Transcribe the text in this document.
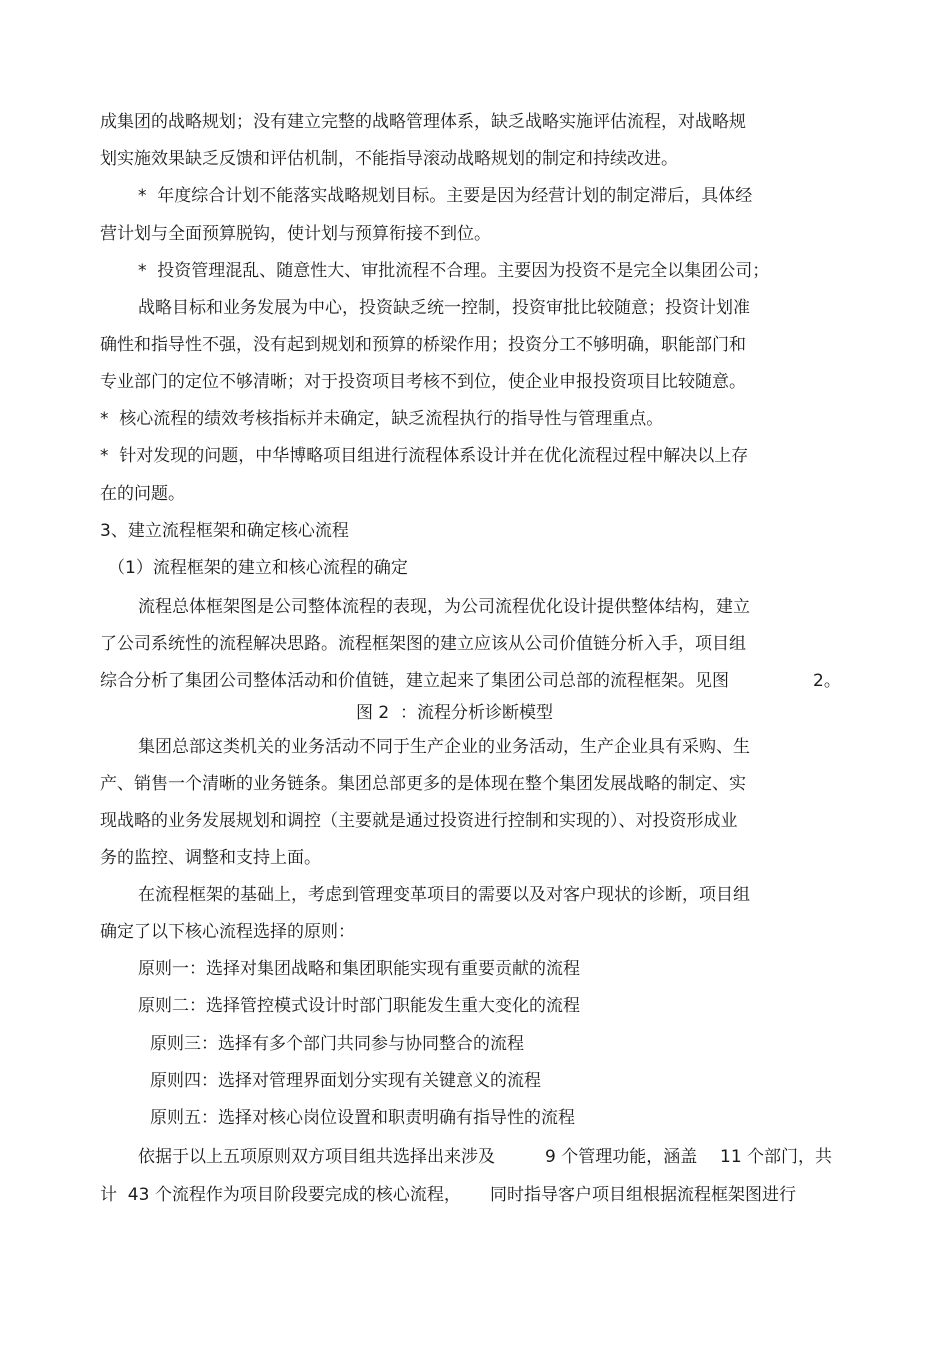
成集团的战略规划；没有建立完整的战略管理体系，缺乏战略实施评估流程，对战略规
划实施效果缺乏反馈和评估机制，不能指导滚动战略规划的制定和持续改进。
*  年度综合计划不能落实战略规划目标。主要是因为经营计划的制定滞后，具体经
营计划与全面预算脱钩，使计划与预算衔接不到位。
*  投资管理混乱、随意性大、审批流程不合理。主要因为投资不是完全以集团公司；
战略目标和业务发展为中心，投资缺乏统一控制，投资审批比较随意；投资计划准
确性和指导性不强，没有起到规划和预算的桥梁作用；投资分工不够明确，职能部门和
专业部门的定位不够清晰；对于投资项目考核不到位，使企业申报投资项目比较随意。
*  核心流程的绩效考核指标并未确定，缺乏流程执行的指导性与管理重点。
*  针对发现的问题，中华博略项目组进行流程体系设计并在优化流程过程中解决以上存
在的问题。
3、建立流程框架和确定核心流程
（1）流程框架的建立和核心流程的确定
流程总体框架图是公司整体流程的表现，为公司流程优化设计提供整体结构，建立
了公司系统性的流程解决思路。流程框架图的建立应该从公司价值链分析入手，项目组
综合分析了集团公司整体活动和价值链，建立起来了集团公司总部的流程框架。见图	2。
图 2  ：流程分析诊断模型
集团总部这类机关的业务活动不同于生产企业的业务活动，生产企业具有采购、生
产、销售一个清晰的业务链条。集团总部更多的是体现在整个集团发展战略的制定、实
现战略的业务发展规划和调控（主要就是通过投资进行控制和实现的）、对投资形成业
务的监控、调整和支持上面。
在流程框架的基础上，考虑到管理变革项目的需要以及对客户现状的诊断，项目组
确定了以下核心流程选择的原则：
原则一：选择对集团战略和集团职能实现有重要贡献的流程
原则二：选择管控模式设计时部门职能发生重大变化的流程
原则三：选择有多个部门共同参与协同整合的流程
原则四：选择对管理界面划分实现有关键意义的流程
原则五：选择对核心岗位设置和职责明确有指导性的流程
依据于以上五项原则双方项目组共选择出来涉及	9 个管理功能，涵盖 11 个部门，共
计  43 个流程作为项目阶段要完成的核心流程， 同时指导客户项目组根据流程框架图进行
